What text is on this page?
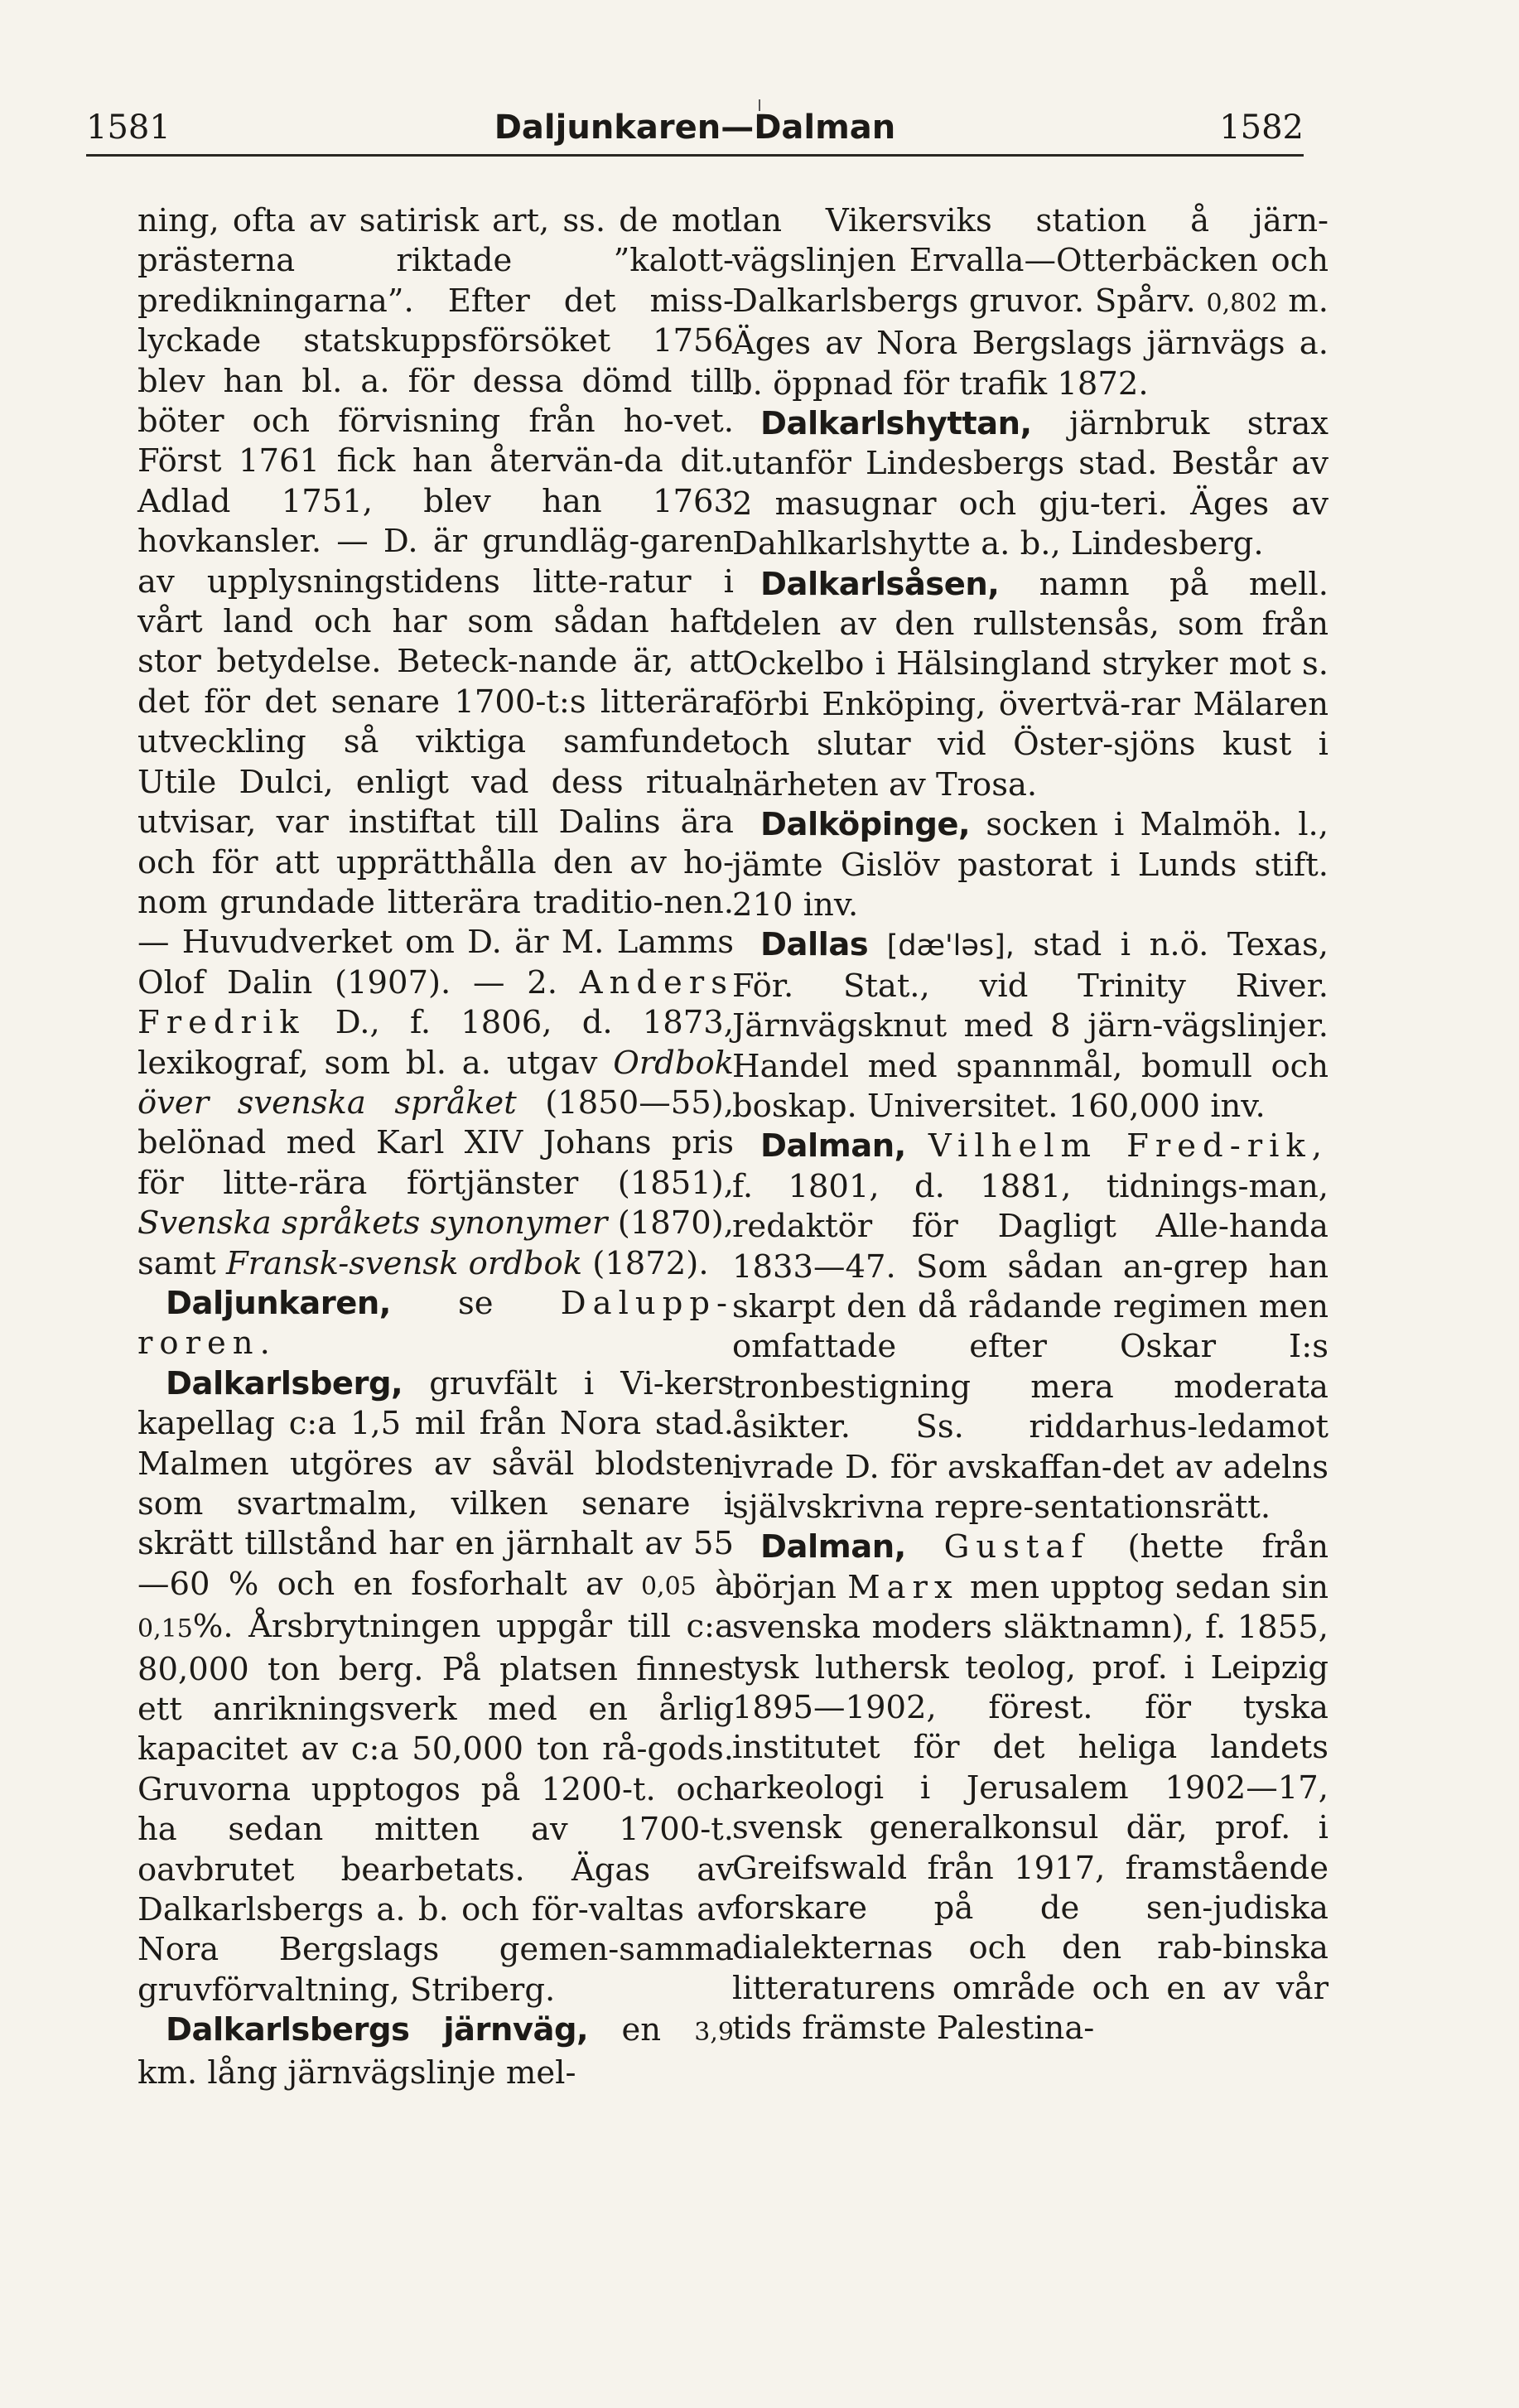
1581	Daljunkaren—Dalman	1582

ning, ofta av satirisk art, ss. de mot prästerna riktade ”kalott-predikningarna”. Efter det miss-lyckade statskuppsförsöket 1756 blev han bl. a. för dessa dömd till böter och förvisning från ho-vet. Först 1761 fick han återvän-da dit. Adlad 1751, blev han 1763 hovkansler. — D. är grundläg-garen av upplysningstidens litte-ratur i vårt land och har som sådan haft stor betydelse. Beteck-nande är, att det för det senare 1700-t:s litterära utveckling så viktiga samfundet Utile Dulci, enligt vad dess ritual utvisar, var instiftat till Dalins ära och för att upprätthålla den av ho-nom grundade litterära traditio-nen. — Huvudverket om D. är M. Lamms Olof Dalin (1907). — 2. Anders Fredrik D., f. 1806, d. 1873, lexikograf, som bl. a. utgav Ordbok över svenska språket (1850—55), belönad med Karl XIV Johans pris för litte-rära förtjänster (1851), Svenska språkets synonymer (1870), samt Fransk-svensk ordbok (1872).

Daljunkaren, se Dalupp-roren.

Dalkarlsberg, gruvfält i Vi-kers kapellag c:a 1,5 mil från Nora stad. Malmen utgöres av såväl blodsten som svartmalm, vilken senare i skrätt tillstånd har en järnhalt av 55—60 % och en fosforhalt av 0,05 à 0,15%. Årsbrytningen uppgår till c:a 80,000 ton berg. På platsen finnes ett anrikningsverk med en årlig kapacitet av c:a 50,000 ton rå-gods. Gruvorna upptogos på 1200-t. och ha sedan mitten av 1700-t. oavbrutet bearbetats. Ägas av Dalkarlsbergs a. b. och för-valtas av Nora Bergslags gemen-samma gruvförvaltning, Striberg.

Dalkarlsbergs järnväg, en 3,9 km. lång järnvägslinje mel-

lan Vikersviks station å järn-vägslinjen Ervalla—Otterbäcken och Dalkarlsbergs gruvor. Spårv. 0,802 m. Äges av Nora Bergslags järnvägs a. b. öppnad för trafik 1872.

Dalkarlshyttan, järnbruk strax utanför Lindesbergs stad. Består av 2 masugnar och gju-teri. Äges av Dahlkarlshytte a. b., Lindesberg.

Dalkarlsåsen, namn på mell. delen av den rullstensås, som från Ockelbo i Hälsingland stryker mot s. förbi Enköping, övertvä-rar Mälaren och slutar vid Öster-sjöns kust i närheten av Trosa.

Dalköpinge, socken i Malmöh. l., jämte Gislöv pastorat i Lunds stift. 210 inv.

Dallas [dæ'ləs], stad i n.ö. Texas, För. Stat., vid Trinity River. Järnvägsknut med 8 järn-vägslinjer. Handel med spannmål, bomull och boskap. Universitet. 160,000 inv.

Dalman, Vilhelm Fred-rik, f. 1801, d. 1881, tidnings-man, redaktör för Dagligt Alle-handa 1833—47. Som sådan an-grep han skarpt den då rådande regimen men omfattade efter Oskar I:s tronbestigning mera moderata åsikter. Ss. riddarhus-ledamot ivrade D. för avskaffan-det av adelns självskrivna repre-sentationsrätt.

Dalman, Gustaf (hette från början Marx men upptog sedan sin svenska moders släktnamn), f. 1855, tysk luthersk teolog, prof. i Leipzig 1895—1902, förest. för tyska institutet för det heliga landets arkeologi i Jerusalem 1902—17, svensk generalkonsul där, prof. i Greifswald från 1917, framstående forskare på de sen-judiska dialekternas och den rab-binska litteraturens område och en av vår tids främste Palestina-
